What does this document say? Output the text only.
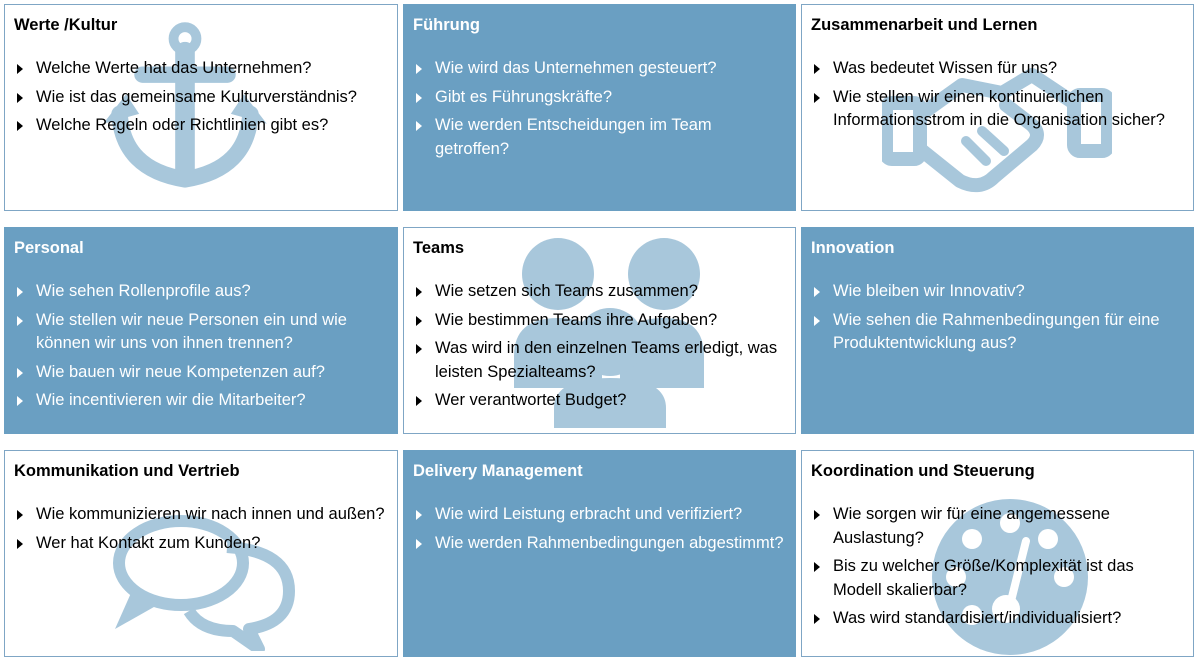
Werte /Kultur
Welche Werte hat das Unternehmen?
Wie ist das gemeinsame Kulturverständnis?
Welche Regeln oder Richtlinien gibt es?
Führung
Wie wird das Unternehmen gesteuert?
Gibt es Führungskräfte?
Wie werden Entscheidungen im Team getroffen?
Zusammenarbeit und Lernen
Was bedeutet Wissen für uns?
Wie stellen wir einen kontinuierlichen Informationsstrom in die Organisation sicher?
Personal
Wie sehen Rollenprofile aus?
Wie stellen wir neue Personen ein und wie können wir uns von ihnen trennen?
Wie bauen wir neue Kompetenzen auf?
Wie incentivieren wir die Mitarbeiter?
Teams
Wie setzen sich Teams zusammen?
Wie bestimmen Teams ihre Aufgaben?
Was wird in den einzelnen Teams erledigt, was leisten Spezialteams?
Wer verantwortet Budget?
Innovation
Wie bleiben wir Innovativ?
Wie sehen die Rahmenbedingungen für eine Produktentwicklung aus?
Kommunikation und Vertrieb
Wie kommunizieren wir nach innen und außen?
Wer hat Kontakt zum Kunden?
Delivery Management
Wie wird Leistung erbracht und verifiziert?
Wie werden Rahmenbedingungen abgestimmt?
Koordination und Steuerung
Wie sorgen wir für eine angemessene Auslastung?
Bis zu welcher Größe/Komplexität ist das Modell skalierbar?
Was wird standardisiert/individualisiert?
